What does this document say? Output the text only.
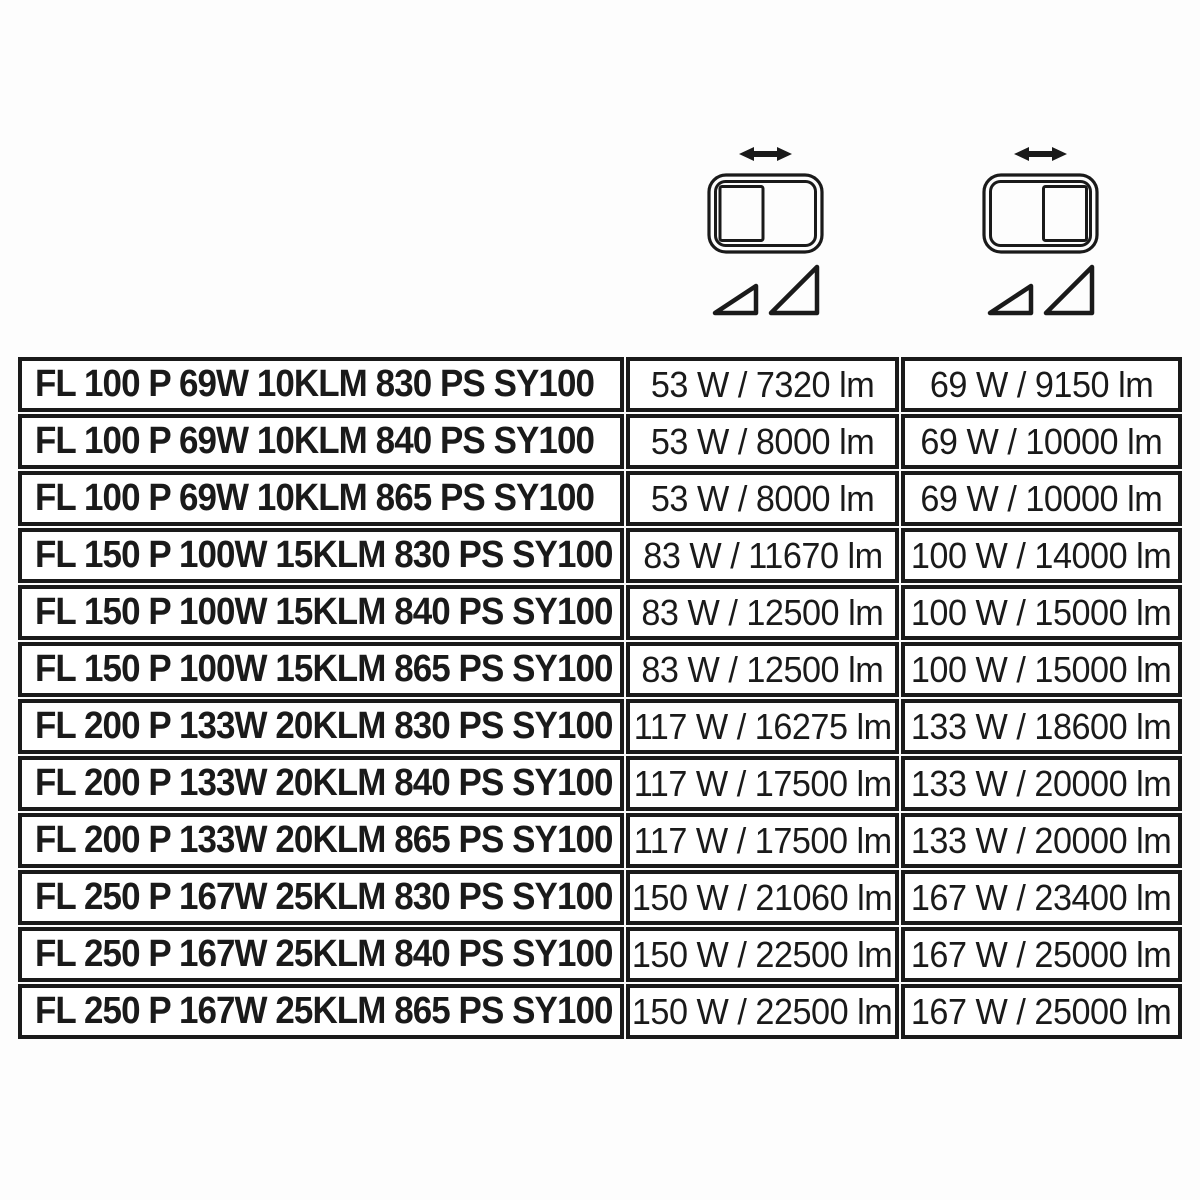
FL 100 P 69W 10KLM 830 PS SY100 53 W / 7320 lm 69 W / 9150 lm
FL 100 P 69W 10KLM 840 PS SY100 53 W / 8000 lm 69 W / 10000 lm
FL 100 P 69W 10KLM 865 PS SY100 53 W / 8000 lm 69 W / 10000 lm
FL 150 P 100W 15KLM 830 PS SY100 83 W / 11670 lm 100 W / 14000 lm
FL 150 P 100W 15KLM 840 PS SY100 83 W / 12500 lm 100 W / 15000 lm
FL 150 P 100W 15KLM 865 PS SY100 83 W / 12500 lm 100 W / 15000 lm
FL 200 P 133W 20KLM 830 PS SY100 117 W / 16275 lm 133 W / 18600 lm
FL 200 P 133W 20KLM 840 PS SY100 117 W / 17500 lm 133 W / 20000 lm
FL 200 P 133W 20KLM 865 PS SY100 117 W / 17500 lm 133 W / 20000 lm
FL 250 P 167W 25KLM 830 PS SY100 150 W / 21060 lm 167 W / 23400 lm
FL 250 P 167W 25KLM 840 PS SY100 150 W / 22500 lm 167 W / 25000 lm
FL 250 P 167W 25KLM 865 PS SY100 150 W / 22500 lm 167 W / 25000 lm
